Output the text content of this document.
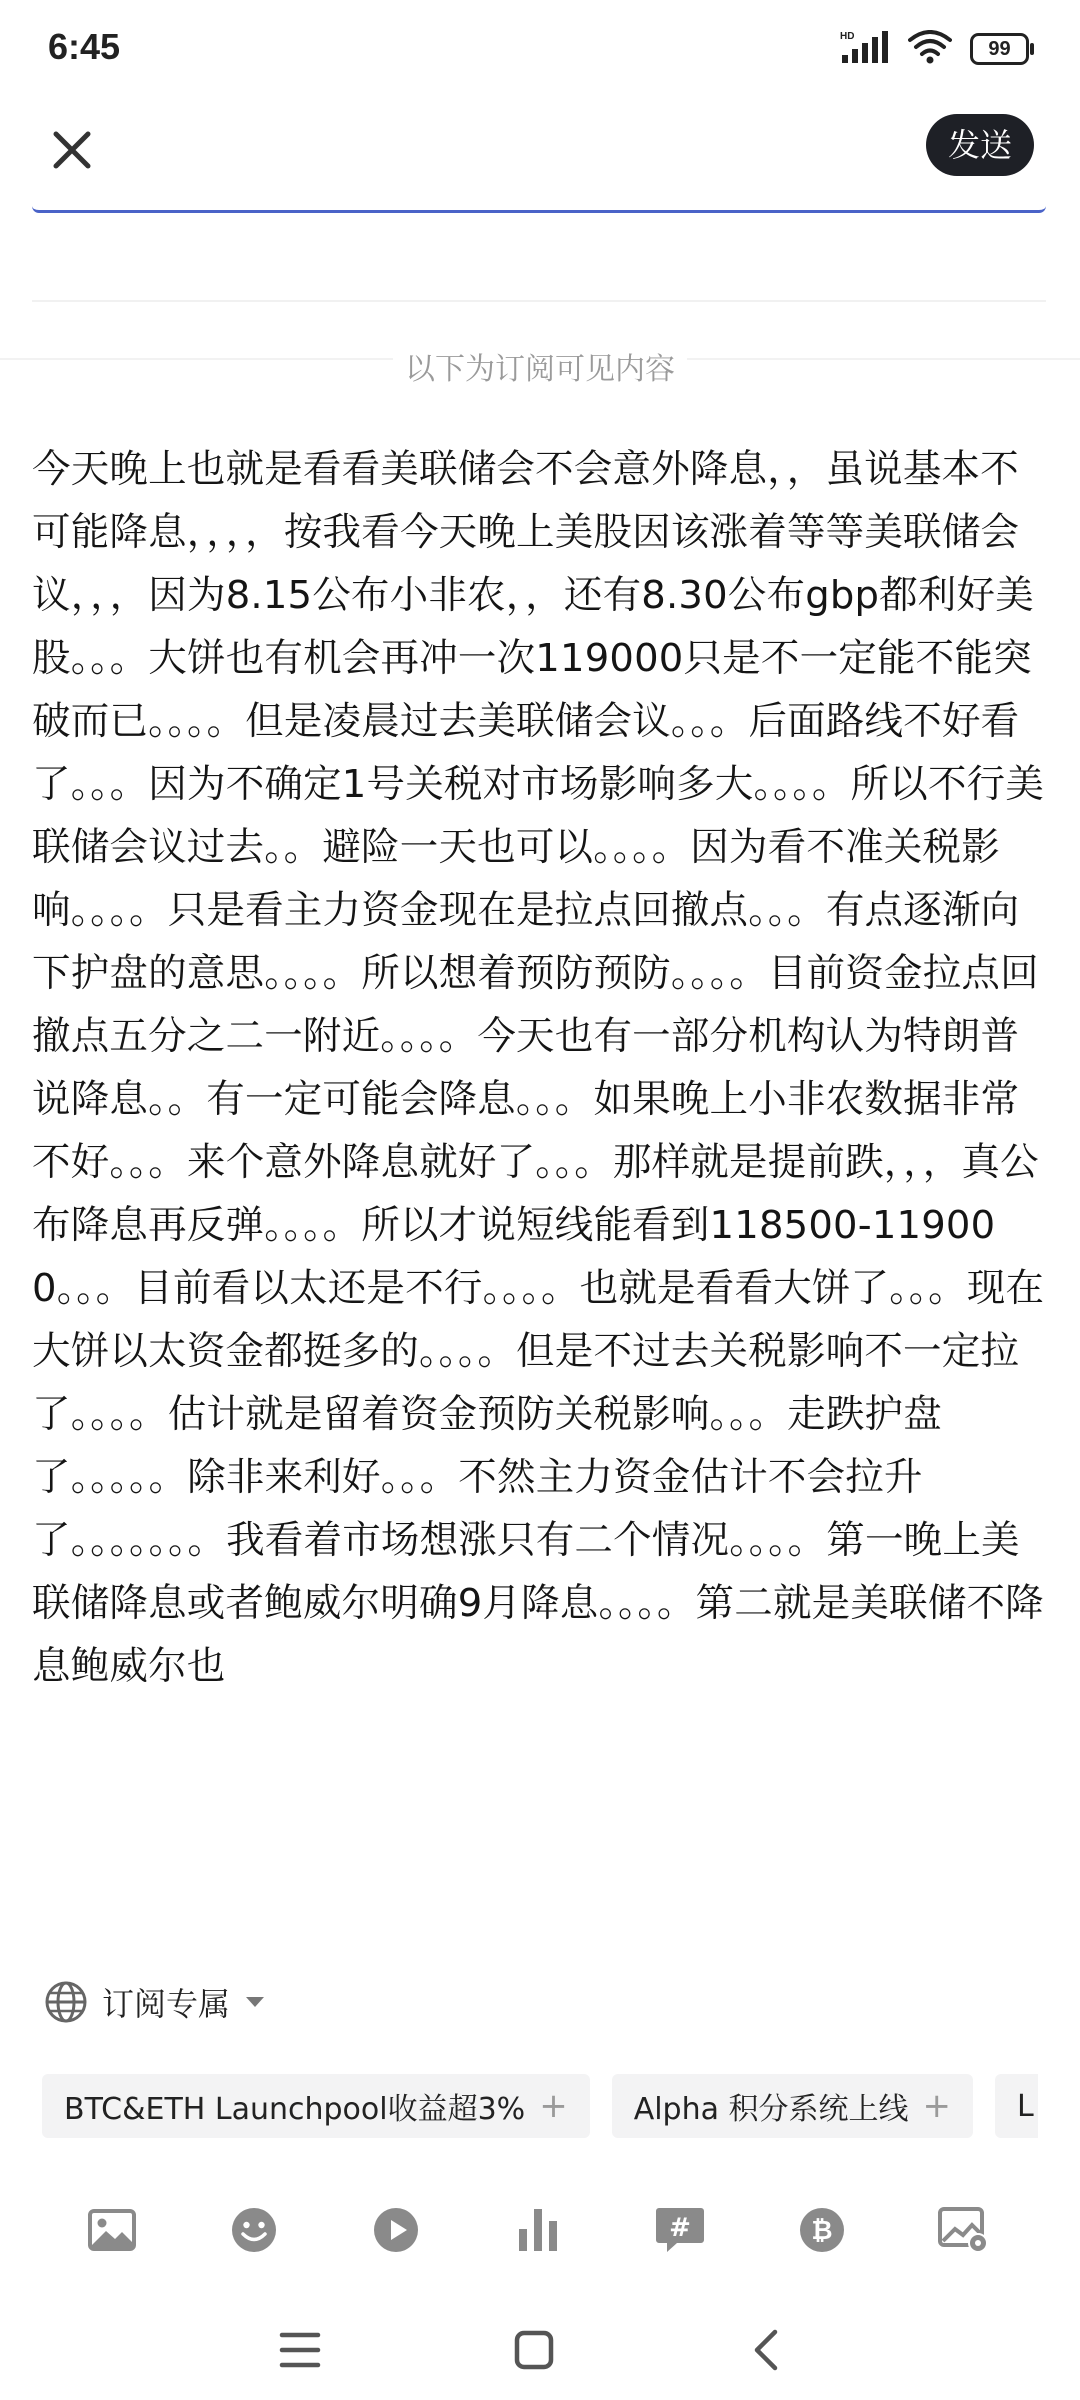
6:45	HD
99
发送
以下为订阅可见内容
今天晚上也就是看看美联储会不会意外降息，，虽说基本不可能降息，，，，按我看今天晚上美股因该涨着等等美联储会议，，，因为8.15公布小非农，，还有8.30公布gbp都利好美股。。。大饼也有机会再冲一次119000只是不一定能不能突破而已。。。。但是凌晨过去美联储会议。。。后面路线不好看了。。。因为不确定1号关税对市场影响多大。。。。所以不行美联储会议过去。。避险一天也可以。。。。因为看不准关税影响。。。。只是看主力资金现在是拉点回撤点。。。有点逐渐向下护盘的意思。。。。所以想着预防预防。。。。目前资金拉点回撤点五分之二一附近。。。。今天也有一部分机构认为特朗普说降息。。有一定可能会降息。。。如果晚上小非农数据非常不好。。。来个意外降息就好了。。。那样就是提前跌，，，真公布降息再反弹。。。。所以才说短线能看到118500-119000。。。目前看以太还是不行。。。。也就是看看大饼了。。。现在大饼以太资金都挺多的。。。。但是不过去关税影响不一定拉了。。。。估计就是留着资金预防关税影响。。。走跌护盘了。。。。。除非来利好。。。不然主力资金估计不会拉升了。。。。。。。我看着市场想涨只有二个情况。。。。第一晚上美联储降息或者鲍威尔明确9月降息。。。。第二就是美联储不降息鲍威尔也
订阅专属
BTC&ETH Launchpool收益超3% + Alpha 积分系统上线 + L
#	₿
